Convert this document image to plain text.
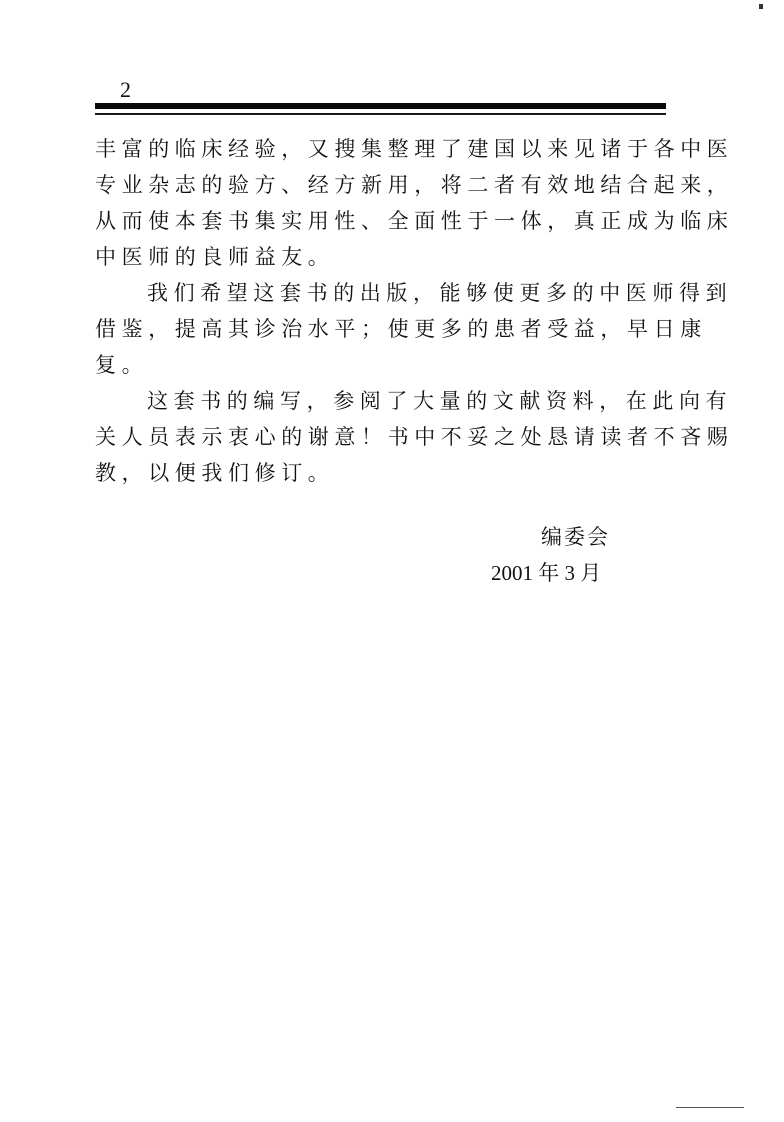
2
丰富的临床经验，又搜集整理了建国以来见诸于各中医
专业杂志的验方、经方新用，将二者有效地结合起来，
从而使本套书集实用性、全面性于一体，真正成为临床
中医师的良师益友。
我们希望这套书的出版，能够使更多的中医师得到
借鉴，提高其诊治水平；使更多的患者受益，早日康
复。
这套书的编写，参阅了大量的文献资料，在此向有
关人员表示衷心的谢意！书中不妥之处恳请读者不吝赐
教，以便我们修订。
编委会
2001 年 3 月
